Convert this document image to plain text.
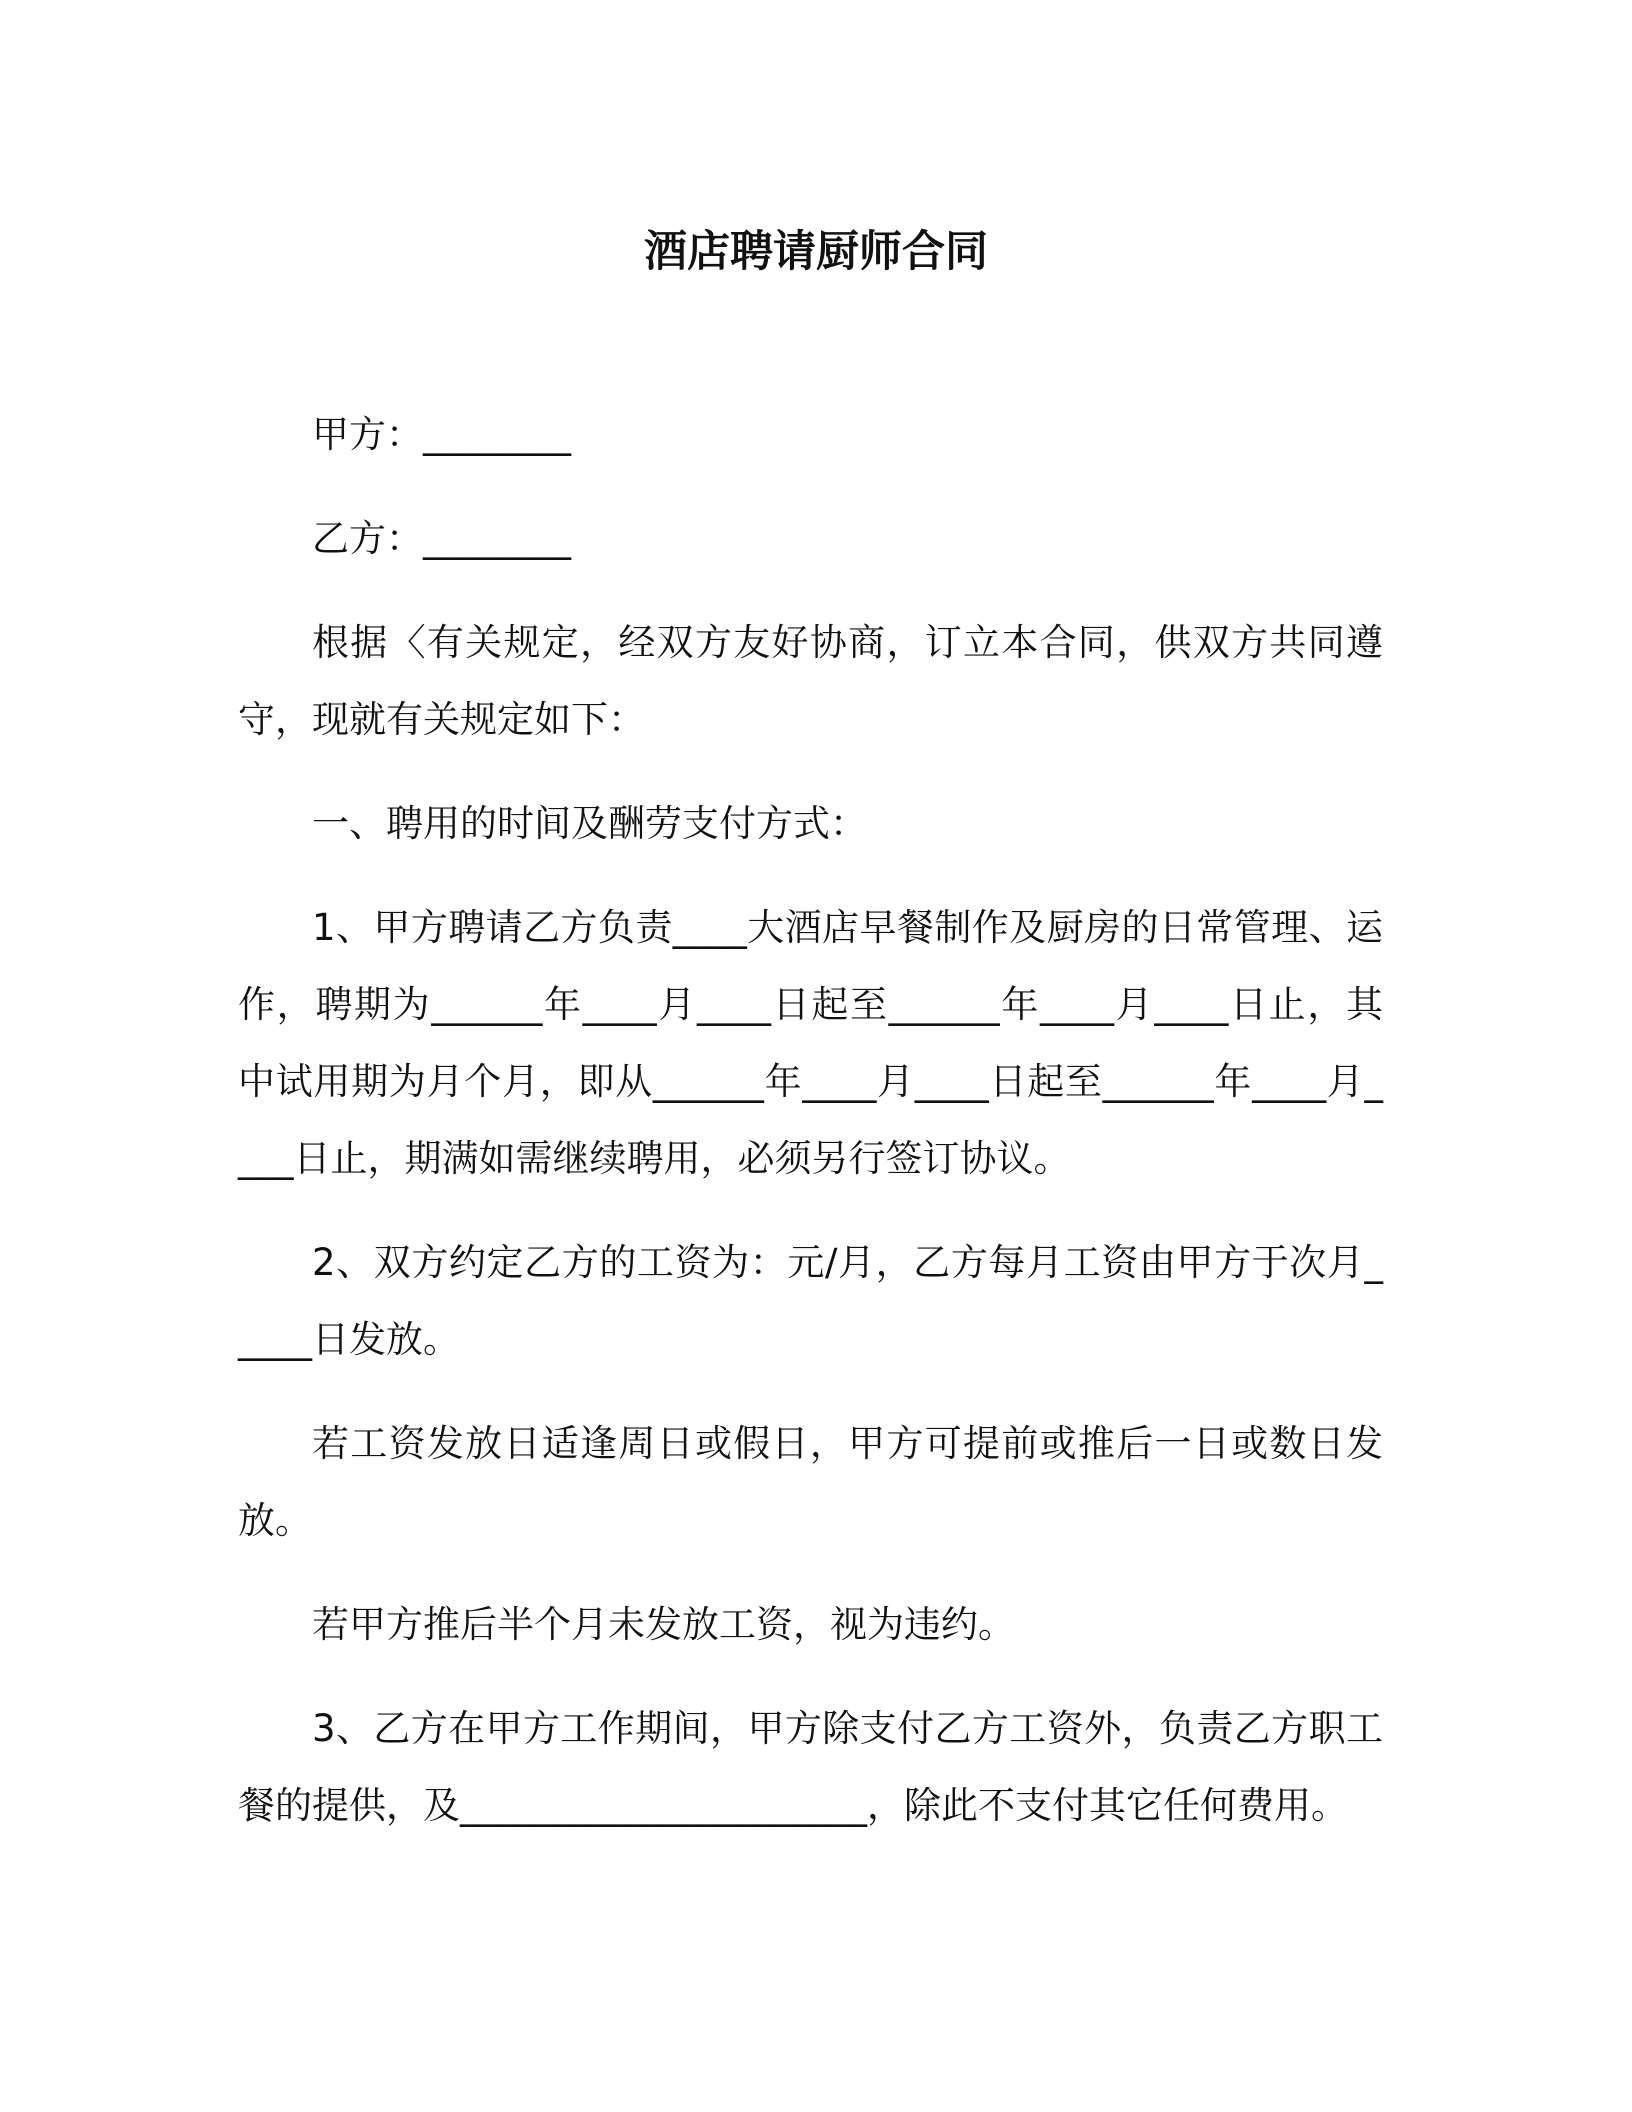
酒店聘请厨师合同

甲方：________

乙方：________

根据〈有关规定，经双方友好协商，订立本合同，供双方共同遵守，现就有关规定如下：

一、聘用的时间及酬劳支付方式：

1、甲方聘请乙方负责____大酒店早餐制作及厨房的日常管理、运作，聘期为______年____月____日起至______年____月____日止，其中试用期为月个月，即从______年____月____日起至______年____月____日止，期满如需继续聘用，必须另行签订协议。

2、双方约定乙方的工资为：元/月，乙方每月工资由甲方于次月_____日发放。

若工资发放日适逢周日或假日，甲方可提前或推后一日或数日发放。

若甲方推后半个月未发放工资，视为违约。

3、乙方在甲方工作期间，甲方除支付乙方工资外，负责乙方职工餐的提供，及______________________，除此不支付其它任何费用。
